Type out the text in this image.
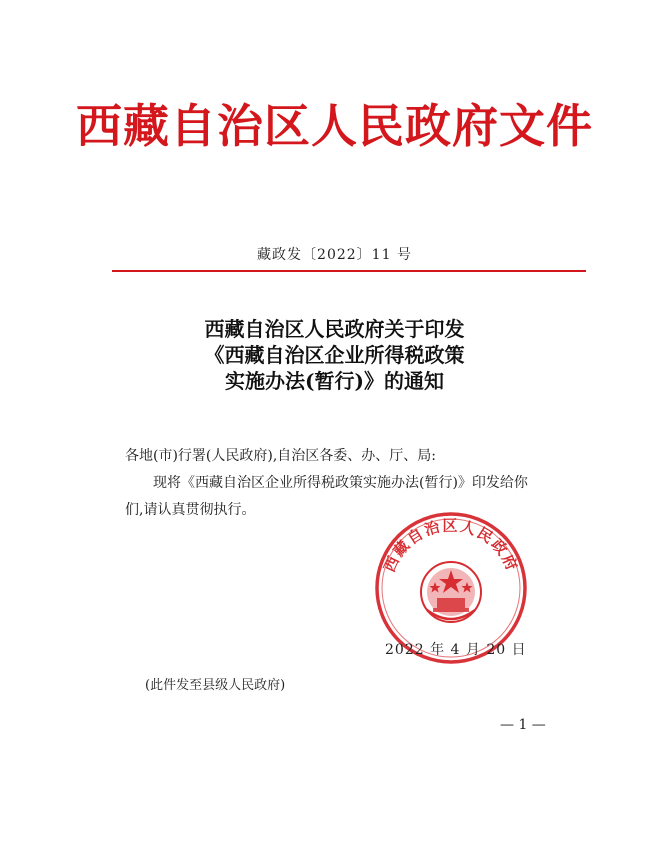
西藏自治区人民政府文件
藏政发〔2022〕11 号
西藏自治区人民政府关于印发
《西藏自治区企业所得税政策
实施办法(暂行)》的通知

各地(市)行署(人民政府),自治区各委、办、厅、局:

现将《西藏自治区企业所得税政策实施办法(暂行)》印发给你

们,请认真贯彻执行。

西藏自治区人民政府
2022 年 4 月 20 日
(此件发至县级人民政府)
— 1 —
